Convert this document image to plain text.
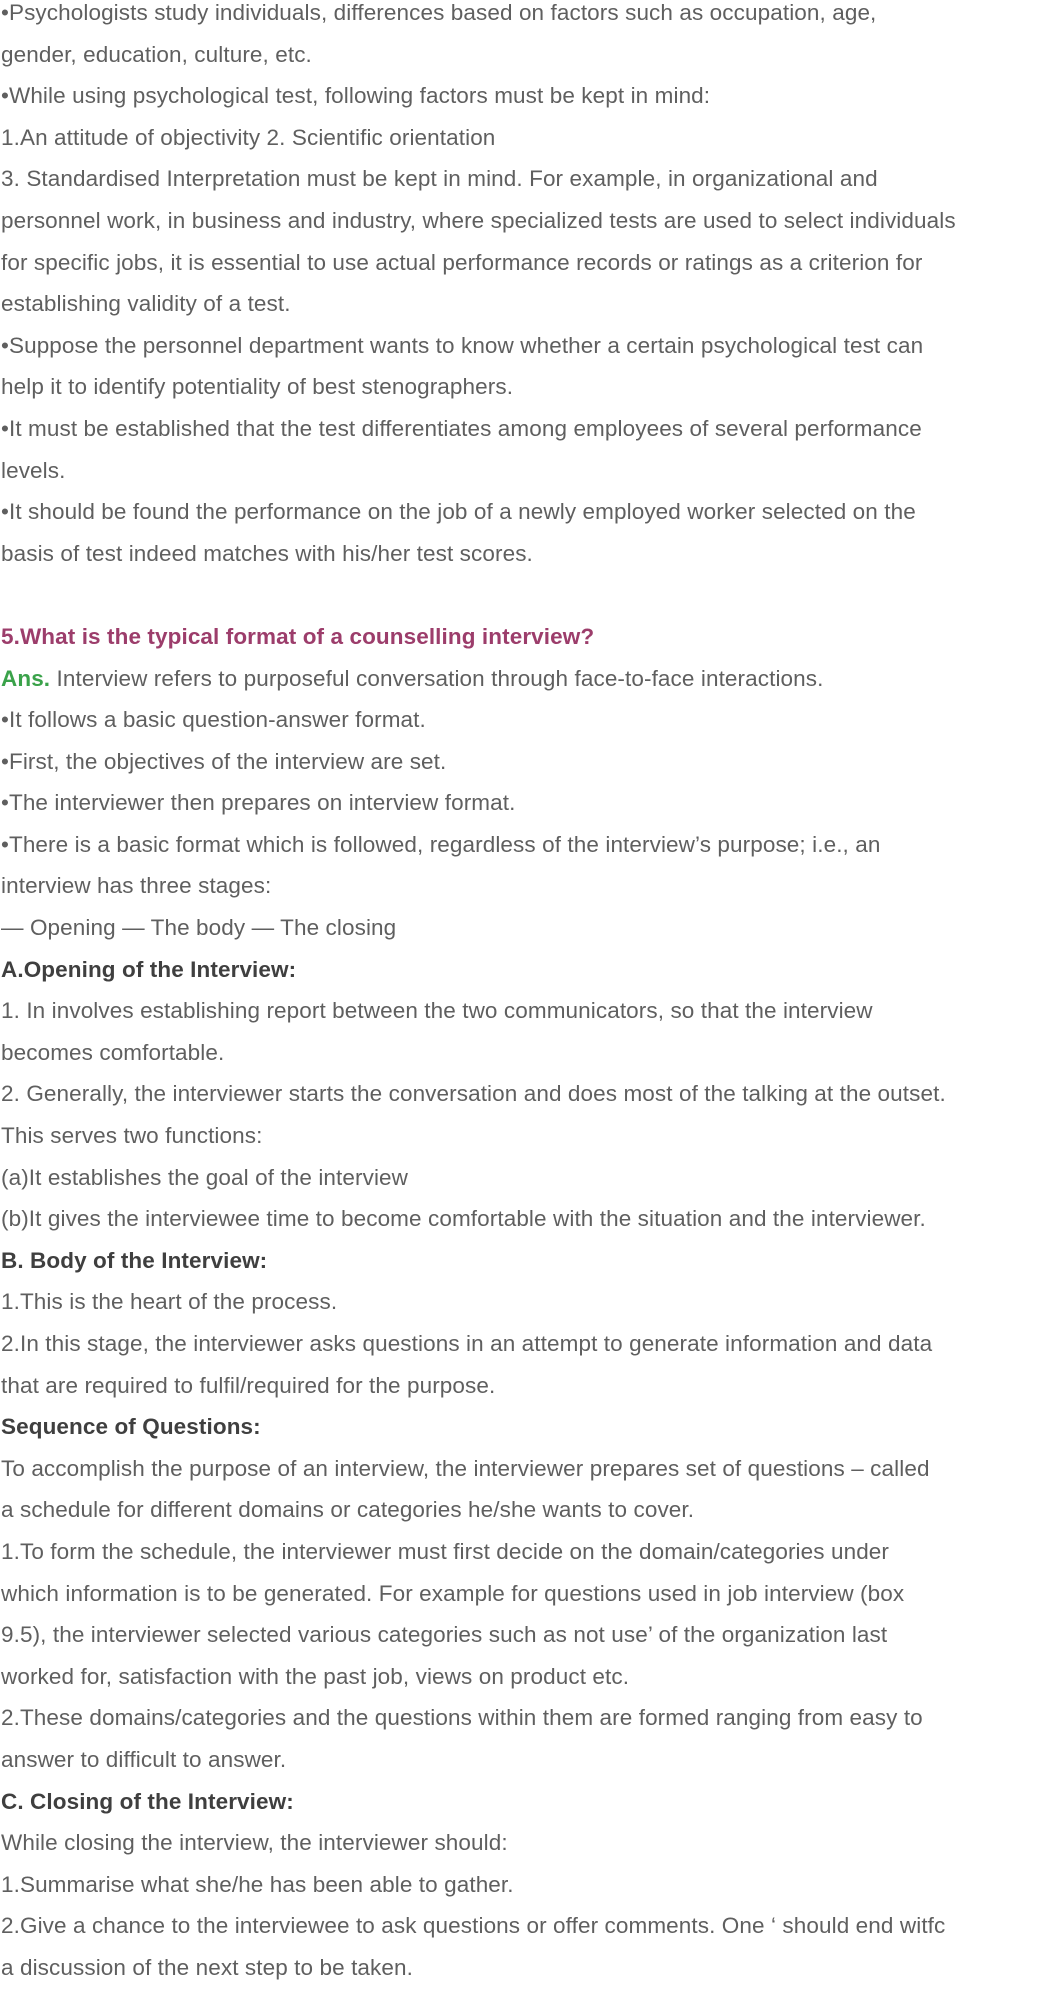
•Psychologists study individuals, differences based on factors such as occupation, age,

gender, education, culture, etc.

•While using psychological test, following factors must be kept in mind:

1.An attitude of objectivity 2. Scientific orientation

3. Standardised Interpretation must be kept in mind. For example, in organizational and

personnel work, in business and industry, where specialized tests are used to select individuals

for specific jobs, it is essential to use actual performance records or ratings as a criterion for

establishing validity of a test.

•Suppose the personnel department wants to know whether a certain psychological test can

help it to identify potentiality of best stenographers.

•It must be established that the test differentiates among employees of several performance

levels.

•It should be found the performance on the job of a newly employed worker selected on the

basis of test indeed matches with his/her test scores.

5.What is the typical format of a counselling interview?

Ans. Interview refers to purposeful conversation through face-to-face interactions.

•It follows a basic question-answer format.

•First, the objectives of the interview are set.

•The interviewer then prepares on interview format.

•There is a basic format which is followed, regardless of the interview’s purpose; i.e., an

interview has three stages:

— Opening — The body — The closing

A.Opening of the Interview:

1. In involves establishing report between the two communicators, so that the interview

becomes comfortable.

2. Generally, the interviewer starts the conversation and does most of the talking at the outset.

This serves two functions:

(a)It establishes the goal of the interview

(b)It gives the interviewee time to become comfortable with the situation and the interviewer.

B. Body of the Interview:

1.This is the heart of the process.

2.In this stage, the interviewer asks questions in an attempt to generate information and data

that are required to fulfil/required for the purpose.

Sequence of Questions:

To accomplish the purpose of an interview, the interviewer prepares set of questions – called

a schedule for different domains or categories he/she wants to cover.

1.To form the schedule, the interviewer must first decide on the domain/categories under

which information is to be generated. For example for questions used in job interview (box

9.5), the interviewer selected various categories such as not use’ of the organization last

worked for, satisfaction with the past job, views on product etc.

2.These domains/categories and the questions within them are formed ranging from easy to

answer to difficult to answer.

C. Closing of the Interview:

While closing the interview, the interviewer should:

1.Summarise what she/he has been able to gather.

2.Give a chance to the interviewee to ask questions or offer comments. One ‘ should end witfc

a discussion of the next step to be taken.
